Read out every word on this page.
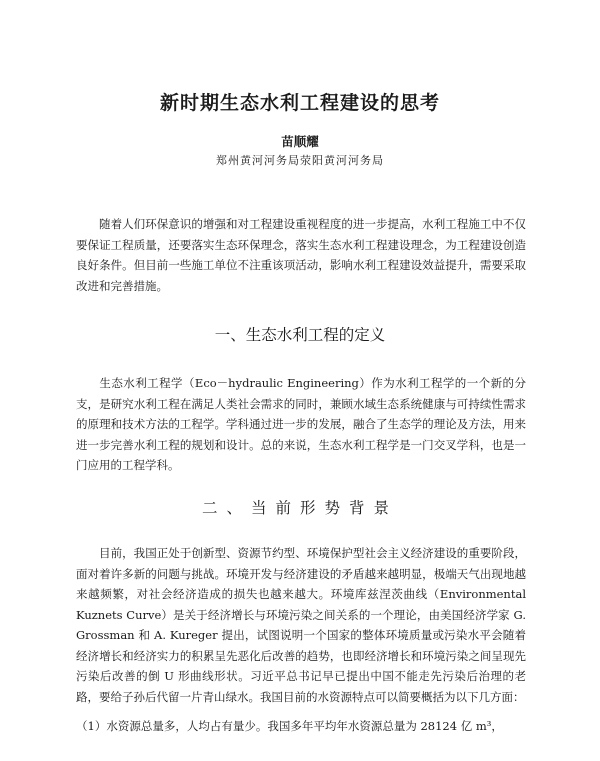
新时期生态水利工程建设的思考
苗顺耀
郑州黄河河务局荥阳黄河河务局

随着人们环保意识的增强和对工程建设重视程度的进一步提高，水利工程施工中不仅要保证工程质量，还要落实生态环保理念，落实生态水利工程建设理念，为工程建设创造良好条件。但目前一些施工单位不注重该项活动，影响水利工程建设效益提升，需要采取改进和完善措施。

一、生态水利工程的定义

生态水利工程学（Eco－hydraulic Engineering）作为水利工程学的一个新的分支，是研究水利工程在满足人类社会需求的同时，兼顾水域生态系统健康与可持续性需求的原理和技术方法的工程学。学科通过进一步的发展，融合了生态学的理论及方法，用来进一步完善水利工程的规划和设计。总的来说，生态水利工程学是一门交叉学科，也是一门应用的工程学科。

二、当前形势背景

目前，我国正处于创新型、资源节约型、环境保护型社会主义经济建设的重要阶段，面对着许多新的问题与挑战。环境开发与经济建设的矛盾越来越明显，极端天气出现地越来越频繁，对社会经济造成的损失也越来越大。环境库兹涅茨曲线（Environmental Kuznets Curve）是关于经济增长与环境污染之间关系的一个理论，由美国经济学家 G. Grossman 和 A. Kureger 提出，试图说明一个国家的整体环境质量或污染水平会随着经济增长和经济实力的积累呈先恶化后改善的趋势，也即经济增长和环境污染之间呈现先污染后改善的倒 U 形曲线形状。习近平总书记早已提出中国不能走先污染后治理的老路，要给子孙后代留一片青山绿水。我国目前的水资源特点可以简要概括为以下几方面：

（1）水资源总量多，人均占有量少。我国多年平均年水资源总量为 28124 亿 m³，
